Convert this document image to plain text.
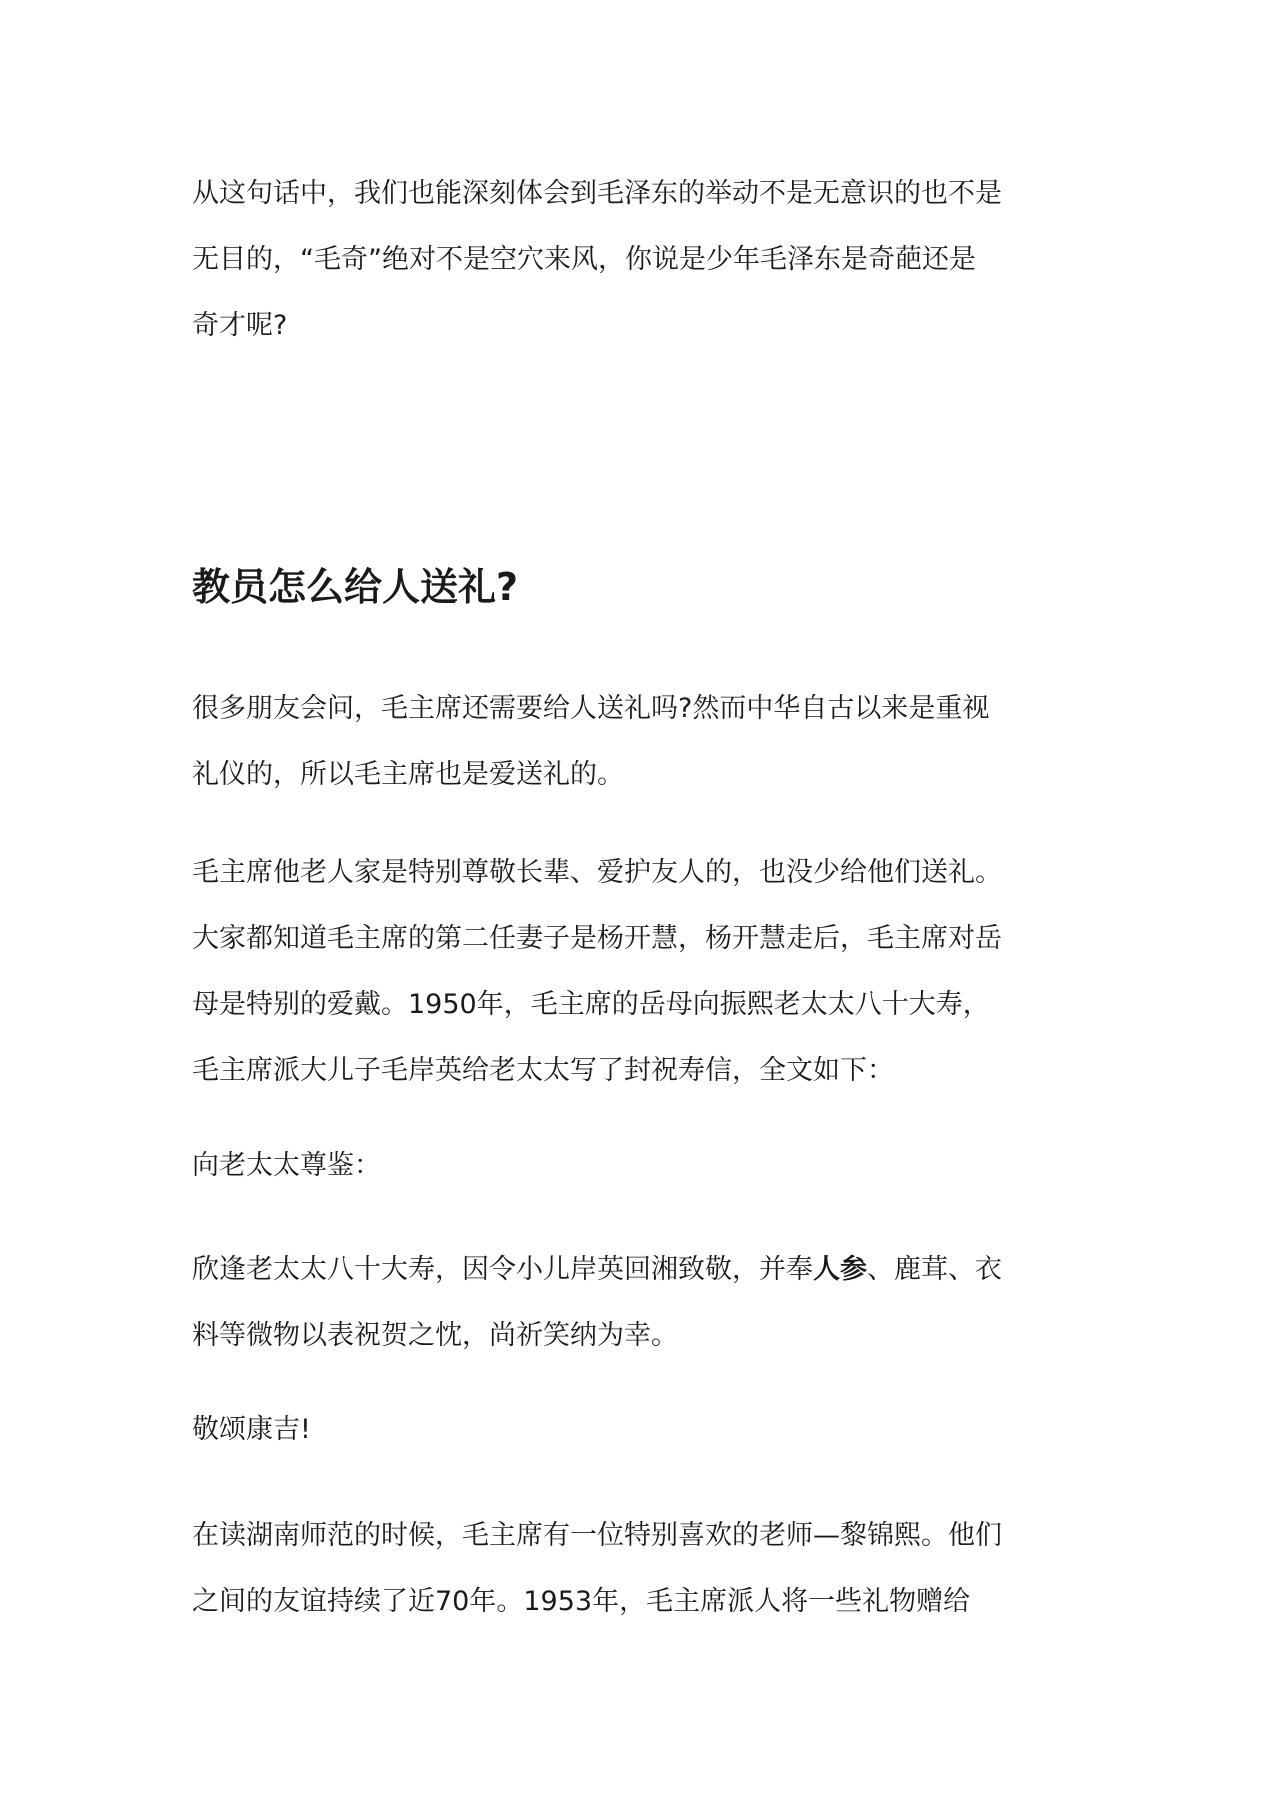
从这句话中，我们也能深刻体会到毛泽东的举动不是无意识的也不是
无目的，“毛奇”绝对不是空穴来风，你说是少年毛泽东是奇葩还是
奇才呢?

教员怎么给人送礼?

很多朋友会问，毛主席还需要给人送礼吗?然而中华自古以来是重视
礼仪的，所以毛主席也是爱送礼的。

毛主席他老人家是特别尊敬长辈、爱护友人的，也没少给他们送礼。
大家都知道毛主席的第二任妻子是杨开慧，杨开慧走后，毛主席对岳
母是特别的爱戴。1950年，毛主席的岳母向振熙老太太八十大寿，
毛主席派大儿子毛岸英给老太太写了封祝寿信，全文如下：

向老太太尊鉴：

欣逢老太太八十大寿，因令小儿岸英回湘致敬，并奉人参、鹿茸、衣
料等微物以表祝贺之忱，尚祈笑纳为幸。

敬颂康吉!

在读湖南师范的时候，毛主席有一位特别喜欢的老师—黎锦熙。他们
之间的友谊持续了近70年。1953年，毛主席派人将一些礼物赠给
